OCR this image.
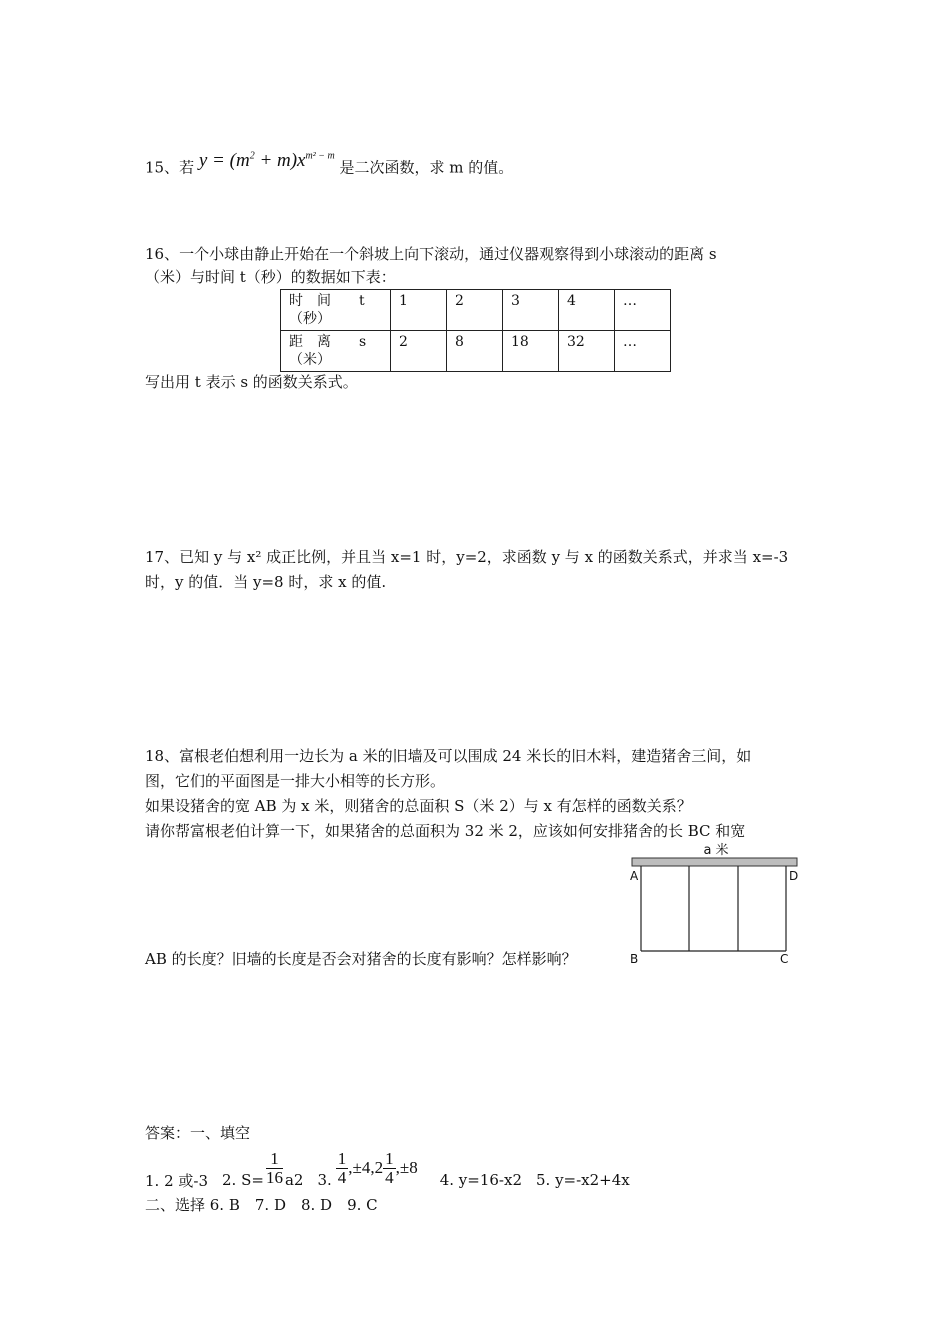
15、若 $y = (m^2 + m)x^{m^2 - m}$ 是二次函数，求 m 的值。
16、一个小球由静止开始在一个斜坡上向下滚动，通过仪器观察得到小球滚动的距离 s
（米）与时间 t（秒）的数据如下表：
时　间　　t
（秒）	1	2	3	4	…

距　离　　s
（米）	2	8	18	32	…
写出用 t 表示 s 的函数关系式。
17、已知 y 与 x² 成正比例，并且当 x=1 时，y=2，求函数 y 与 x 的函数关系式，并求当 x=-3
时，y 的值．当 y=8 时，求 x 的值.
18、富根老伯想利用一边长为 a 米的旧墙及可以围成 24 米长的旧木料，建造猪舍三间，如
图，它们的平面图是一排大小相等的长方形。
如果设猪舍的宽 AB 为 x 米，则猪舍的总面积 S（米 2）与 x 有怎样的函数关系？
请你帮富根老伯计算一下，如果猪舍的总面积为 32 米 2，应该如何安排猪舍的长 BC 和宽
AB 的长度？旧墙的长度是否会对猪舍的长度有影响？怎样影响？
a 米
A	D
B	C
答案：一、填空
1. 2 或-3 2. $S= \frac{1}{16} a2$ 3. $\frac{1}{4} ,\pm 4,2 \frac{1}{4} ,\pm 8$
4. y=16-x2 5. y=-x2+4x
二、选择 6. B　7. D　8. D　9. C
